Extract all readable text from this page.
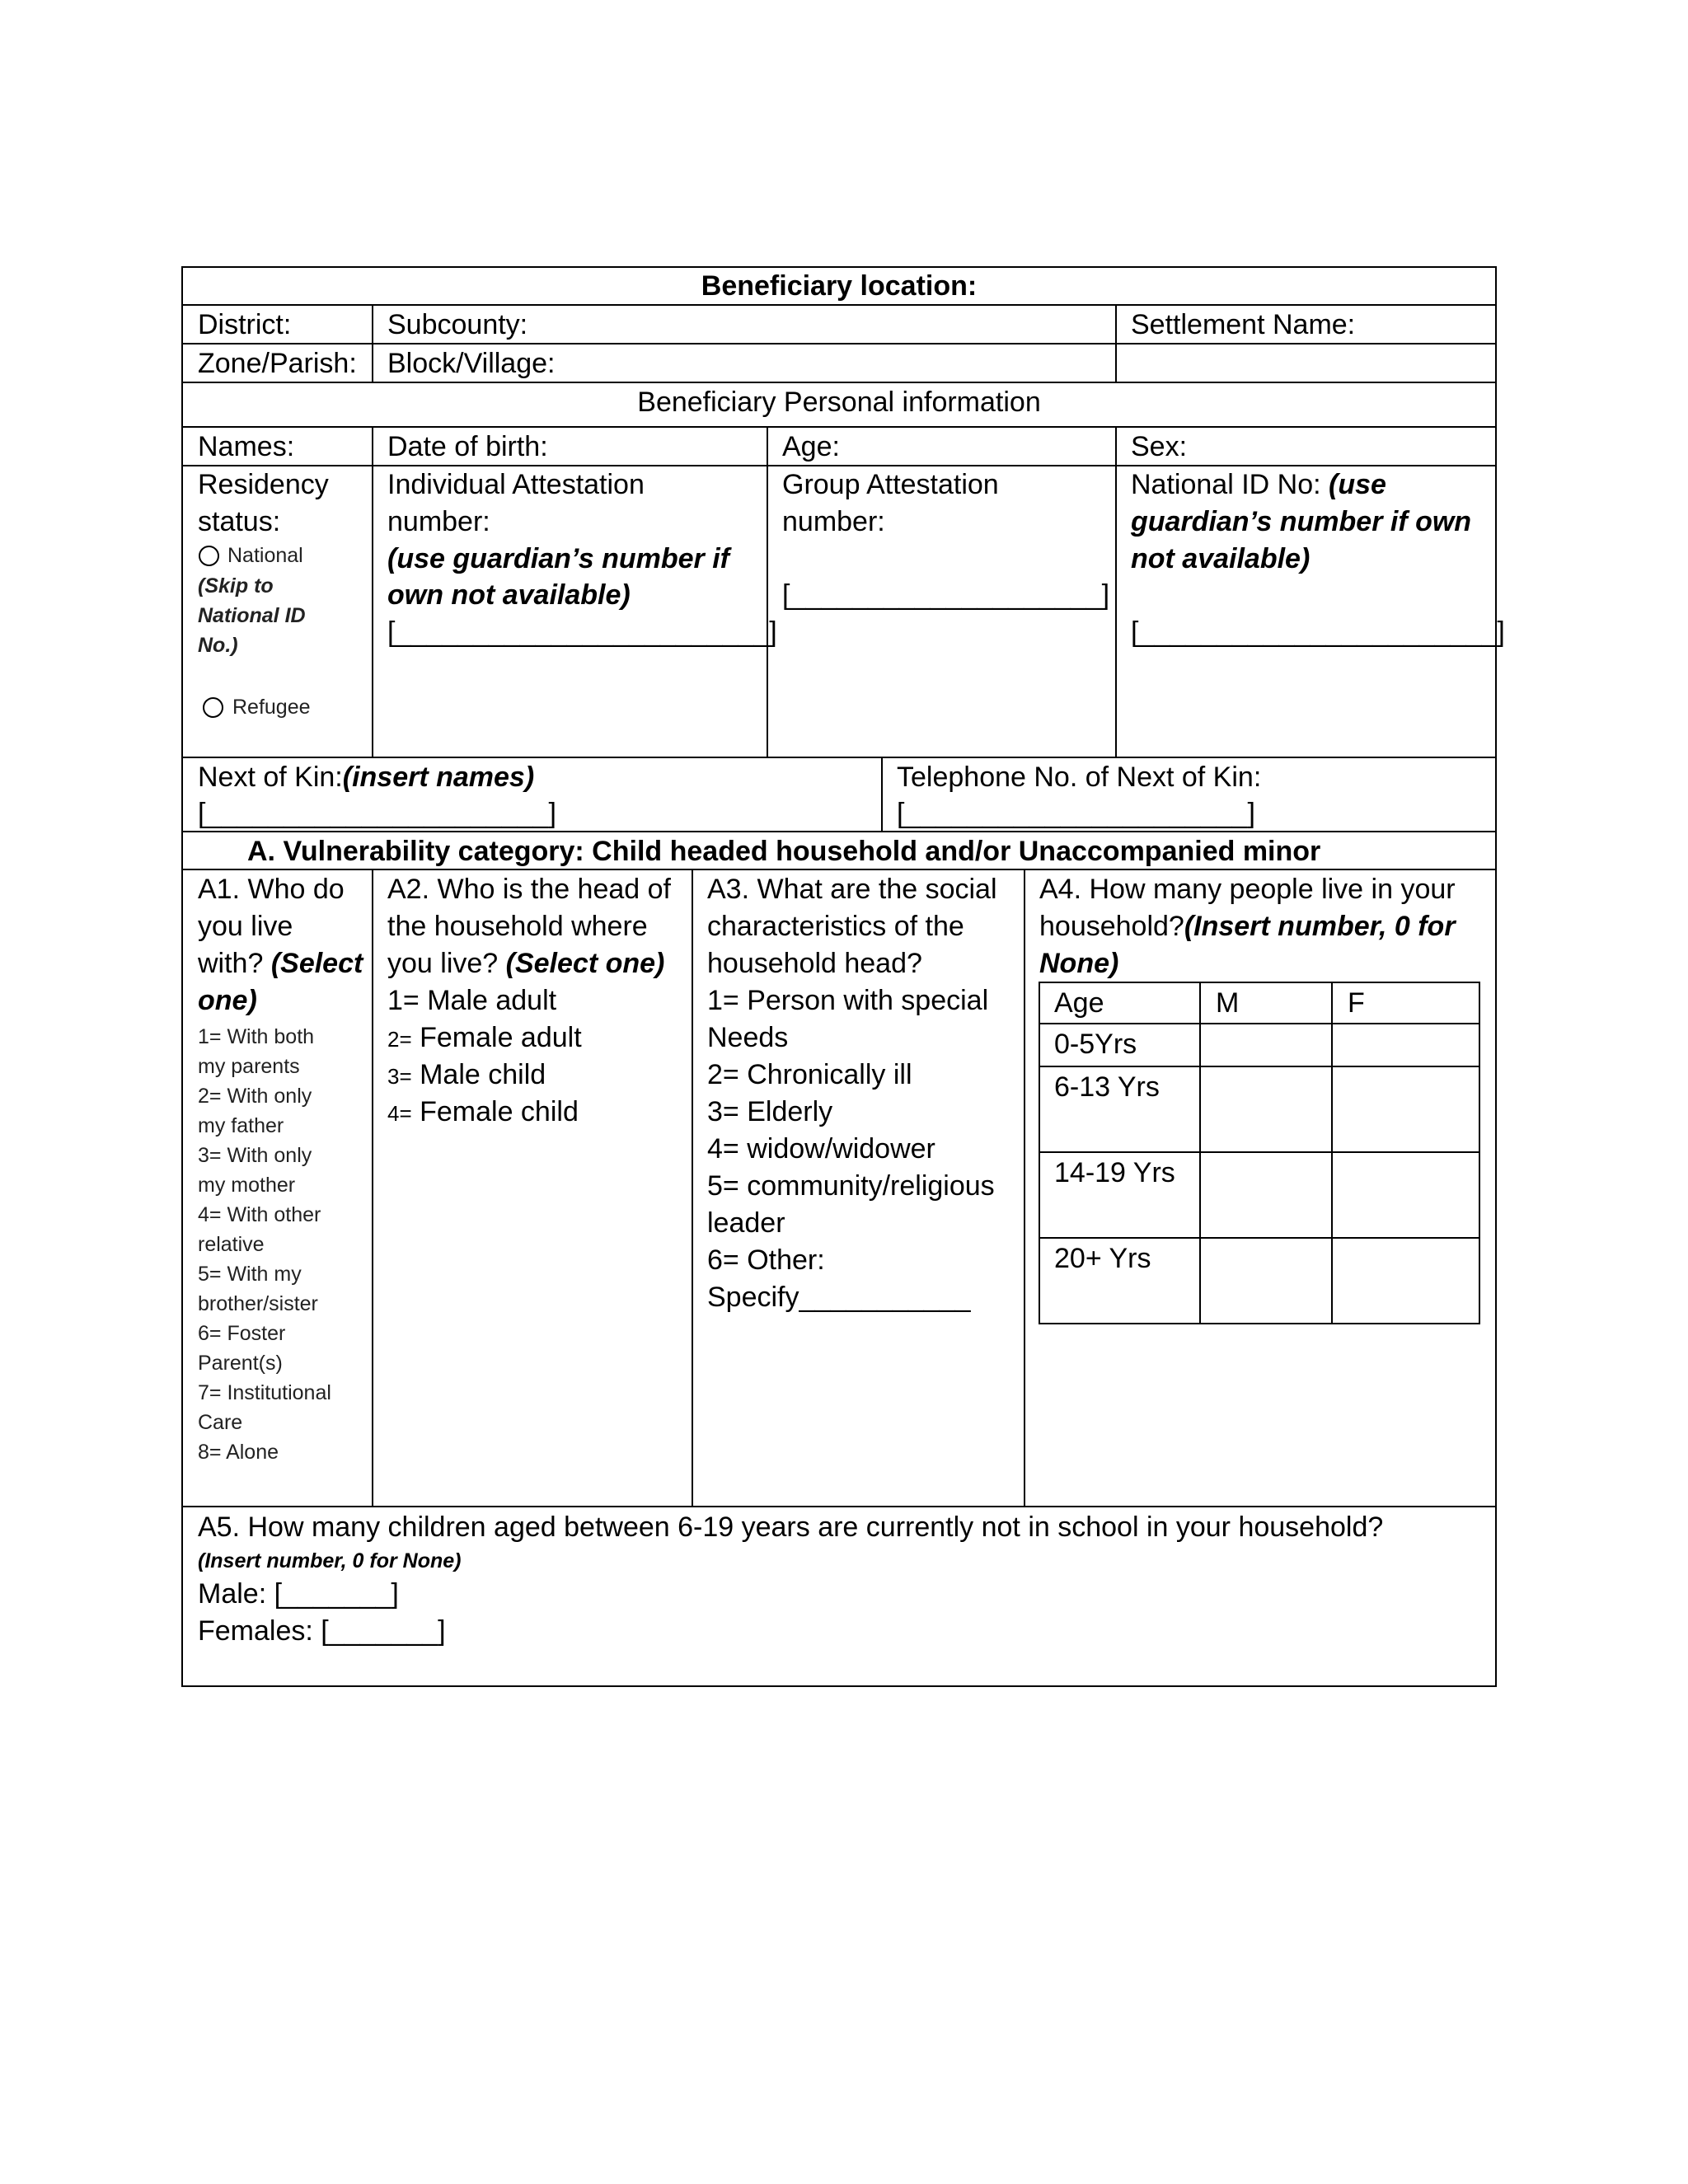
Beneficiary location:
District:	Subcounty:	Settlement Name:
Zone/Parish: Block/Village:
Beneficiary Personal information
Names:	Date of birth:	Age:	Sex:
Residency
status:
National
(Skip to
National ID
No.)
Refugee
Individual Attestation
number:
(use guardian’s number if
own not available)
[________________________]
Group Attestation
number:
[____________________]
National ID No: (use
guardian’s number if own
not available)
[_______________________]
Next of Kin:(insert names)
[______________________]
Telephone No. of Next of Kin:
[______________________]
A. Vulnerability category: Child headed household and/or Unaccompanied minor
A1. Who do
you live
with? (Select
one)
1= With both
my parents
2= With only
my father
3= With only
my mother
4= With other
relative
5= With my
brother/sister
6= Foster
Parent(s)
7= Institutional
Care
8= Alone
A2. Who is the head of
the household where
you live? (Select one)
1= Male adult
2= Female adult
3= Male child
4= Female child
A3. What are the social
characteristics of the
household head?
1= Person with special
Needs
2= Chronically ill
3= Elderly
4= widow/widower
5= community/religious
leader
6= Other:
Specify___________
A4. How many people live in your
household?(Insert number, 0 for
None)
Age	M	F
0-5Yrs
6-13 Yrs
14-19 Yrs
20+ Yrs
A5. How many children aged between 6-19 years are currently not in school in your household?
(Insert number, 0 for None)
Male: [_______]
Females: [_______]
